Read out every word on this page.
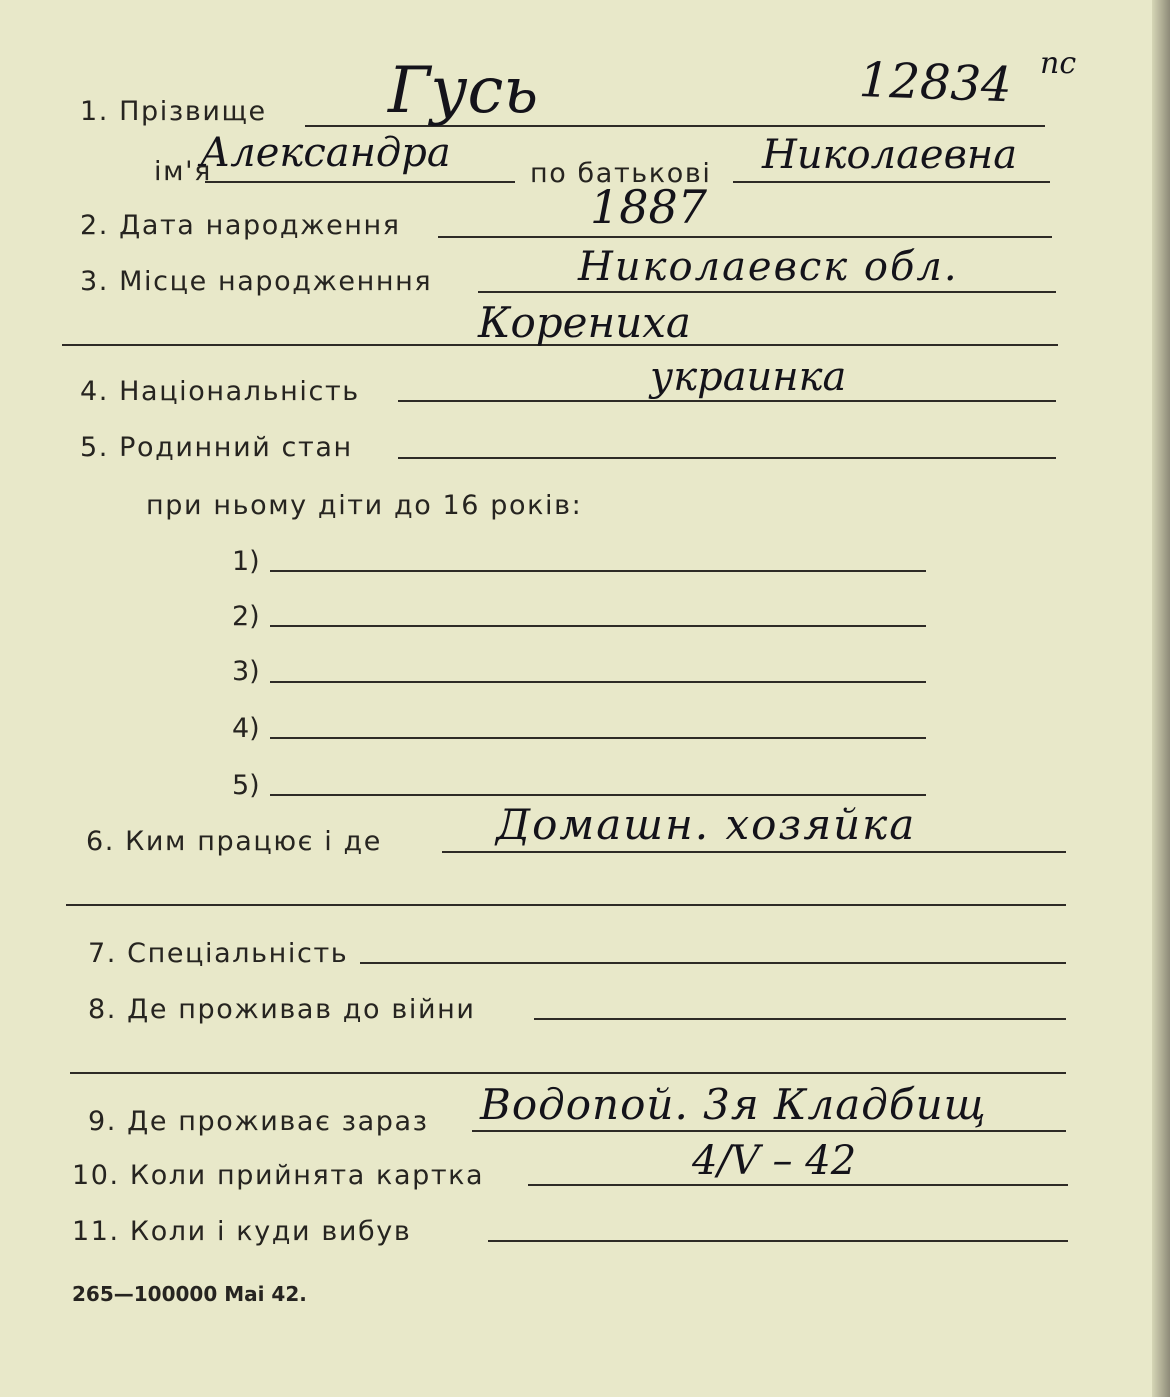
12834 пс
1. Прізвище Гусь
ім'я
Александра	по батькові Николаевна
2. Дата народження	1887
3. Місце народженння	Николаевск обл.
Корениха
4. Національність	украинка
5. Родинний стан
при ньому діти до 16 років:
1)
2)
3)
4)
5)
6. Ким працює і де	Домашн. хозяйка
7. Спеціальність
8. Де проживав до війни
9. Де проживає зараз Водопой. 3я Кладбищ
10. Коли прийнята картка	4/V – 42
11. Коли і куди вибув
265—100000 Mai 42.
